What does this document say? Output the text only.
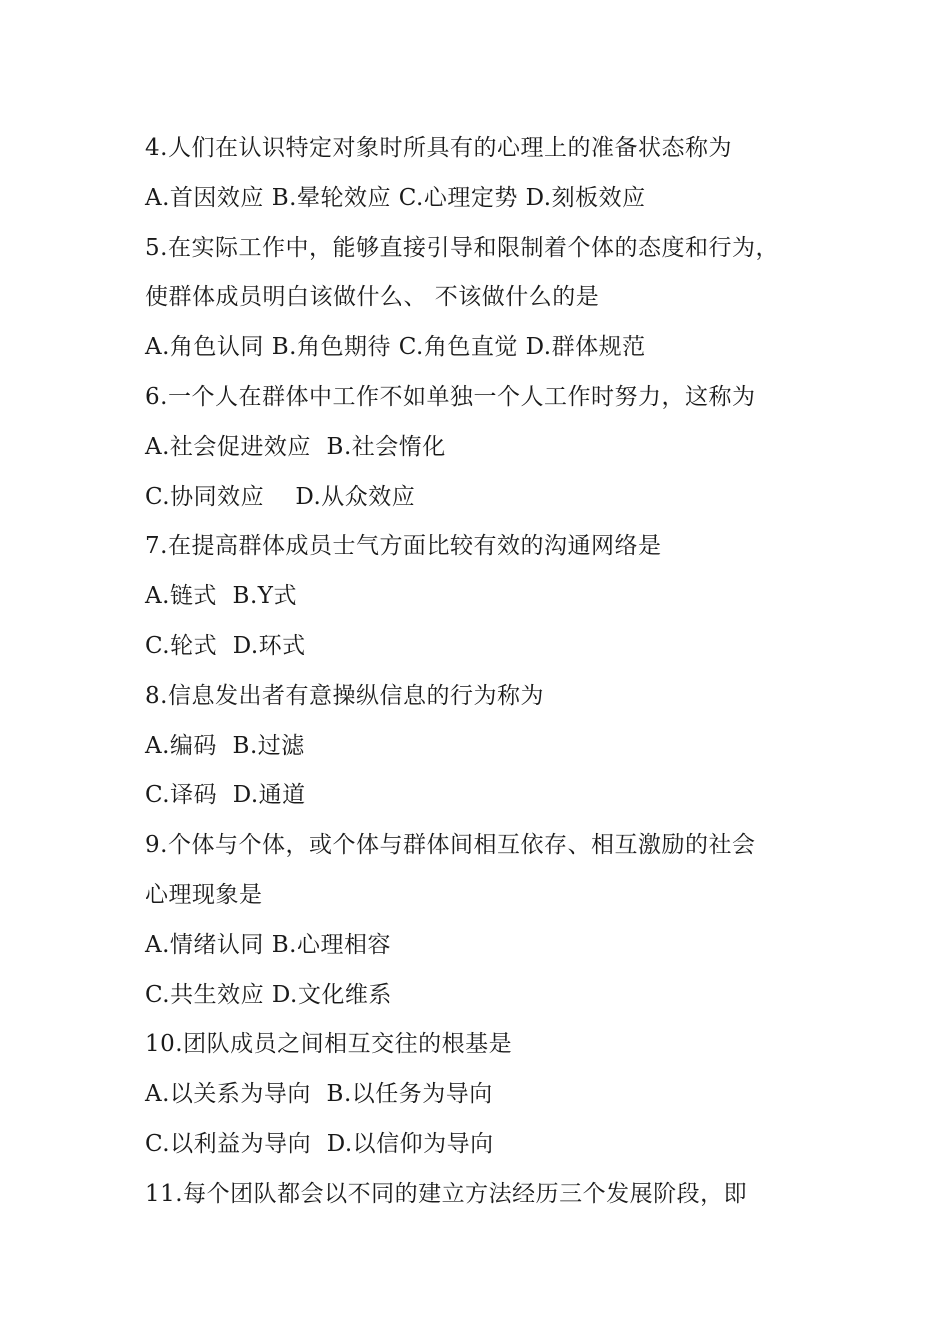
4.人们在认识特定对象时所具有的心理上的准备状态称为
A.首因效应 B.晕轮效应 C.心理定势 D.刻板效应
5.在实际工作中，能够直接引导和限制着个体的态度和行为，
使群体成员明白该做什么、 不该做什么的是
A.角色认同 B.角色期待 C.角色直觉 D.群体规范
6.一个人在群体中工作不如单独一个人工作时努力，这称为
A.社会促进效应  B.社会惰化
C.协同效应    D.从众效应
7.在提高群体成员士气方面比较有效的沟通网络是
A.链式  B.Y式
C.轮式  D.环式
8.信息发出者有意操纵信息的行为称为
A.编码  B.过滤
C.译码  D.通道
9.个体与个体，或个体与群体间相互依存、相互激励的社会
心理现象是
A.情绪认同 B.心理相容
C.共生效应 D.文化维系
10.团队成员之间相互交往的根基是
A.以关系为导向  B.以任务为导向
C.以利益为导向  D.以信仰为导向
11.每个团队都会以不同的建立方法经历三个发展阶段，即
